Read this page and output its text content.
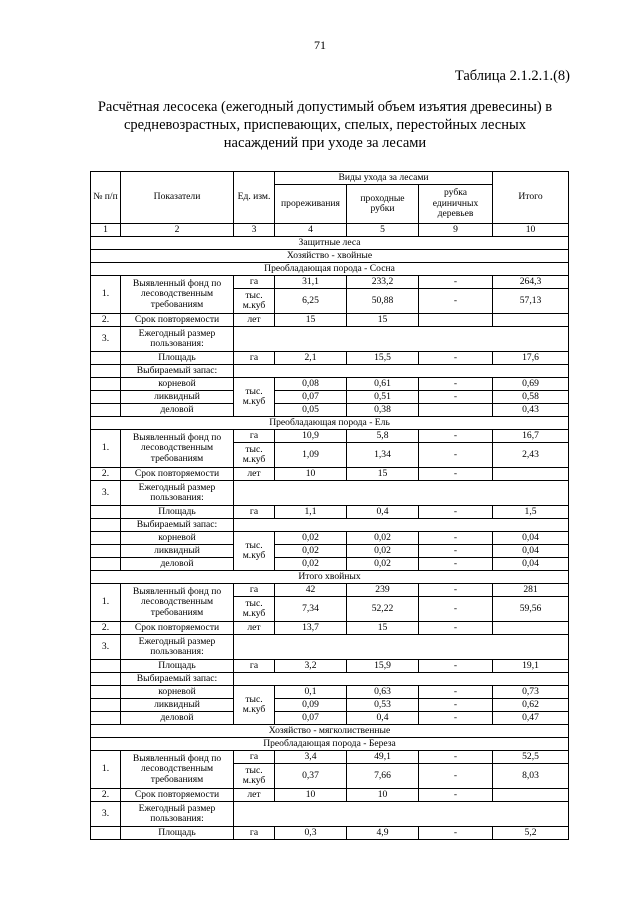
71
Таблица 2.1.2.1.(8)
Расчётная лесосека (ежегодный допустимый объем изъятия древесины) в
средневозрастных, приспевающих, спелых, перестойных лесных
насаждений при уходе за лесами
№ п/п	Показатели	Ед. изм.	Виды ухода за лесами			Итого
			прореживания	проходные рубки	рубка единичных деревьев	
1	2	3	4	5	9	10
Защитные леса						
Хозяйство - хвойные						
Преобладающая порода - Сосна						
1.	Выявленный фонд по лесоводственным требованиям	га	31,1	233,2	-	264,3
		тыс. м.куб	6,25	50,88	-	57,13
2.	Срок повторяемости	лет	15	15		
3.	Ежегодный размер пользования:					
	Площадь	га	2,1	15,5	-	17,6
	Выбираемый запас:					
	корневой	тыс. м.куб	0,08	0,61	-	0,69
	ликвидный		0,07	0,51	-	0,58
	деловой		0,05	0,38		0,43
Преобладающая порода - Ель						
1.	Выявленный фонд по лесоводственным требованиям	га	10,9	5,8	-	16,7
		тыс. м.куб	1,09	1,34	-	2,43
2.	Срок повторяемости	лет	10	15	-	
3.	Ежегодный размер пользования:					
	Площадь	га	1,1	0,4	-	1,5
	Выбираемый запас:					
	корневой	тыс. м.куб	0,02	0,02	-	0,04
	ликвидный		0,02	0,02	-	0,04
	деловой		0,02	0,02	-	0,04
Итого хвойных						
1.	Выявленный фонд по лесоводственным требованиям	га	42	239	-	281
		тыс. м.куб	7,34	52,22	-	59,56
2.	Срок повторяемости	лет	13,7	15	-	
3.	Ежегодный размер пользования:					
	Площадь	га	3,2	15,9	-	19,1
	Выбираемый запас:					
	корневой	тыс. м.куб	0,1	0,63	-	0,73
	ликвидный		0,09	0,53	-	0,62
	деловой		0,07	0,4	-	0,47
Хозяйство - мягколиственные						
Преобладающая порода - Береза						
1.	Выявленный фонд по лесоводственным требованиям	га	3,4	49,1	-	52,5
		тыс. м.куб	0,37	7,66	-	8,03
2.	Срок повторяемости	лет	10	10	-	
3.	Ежегодный размер пользования:					
	Площадь	га	0,3	4,9	-	5,2
